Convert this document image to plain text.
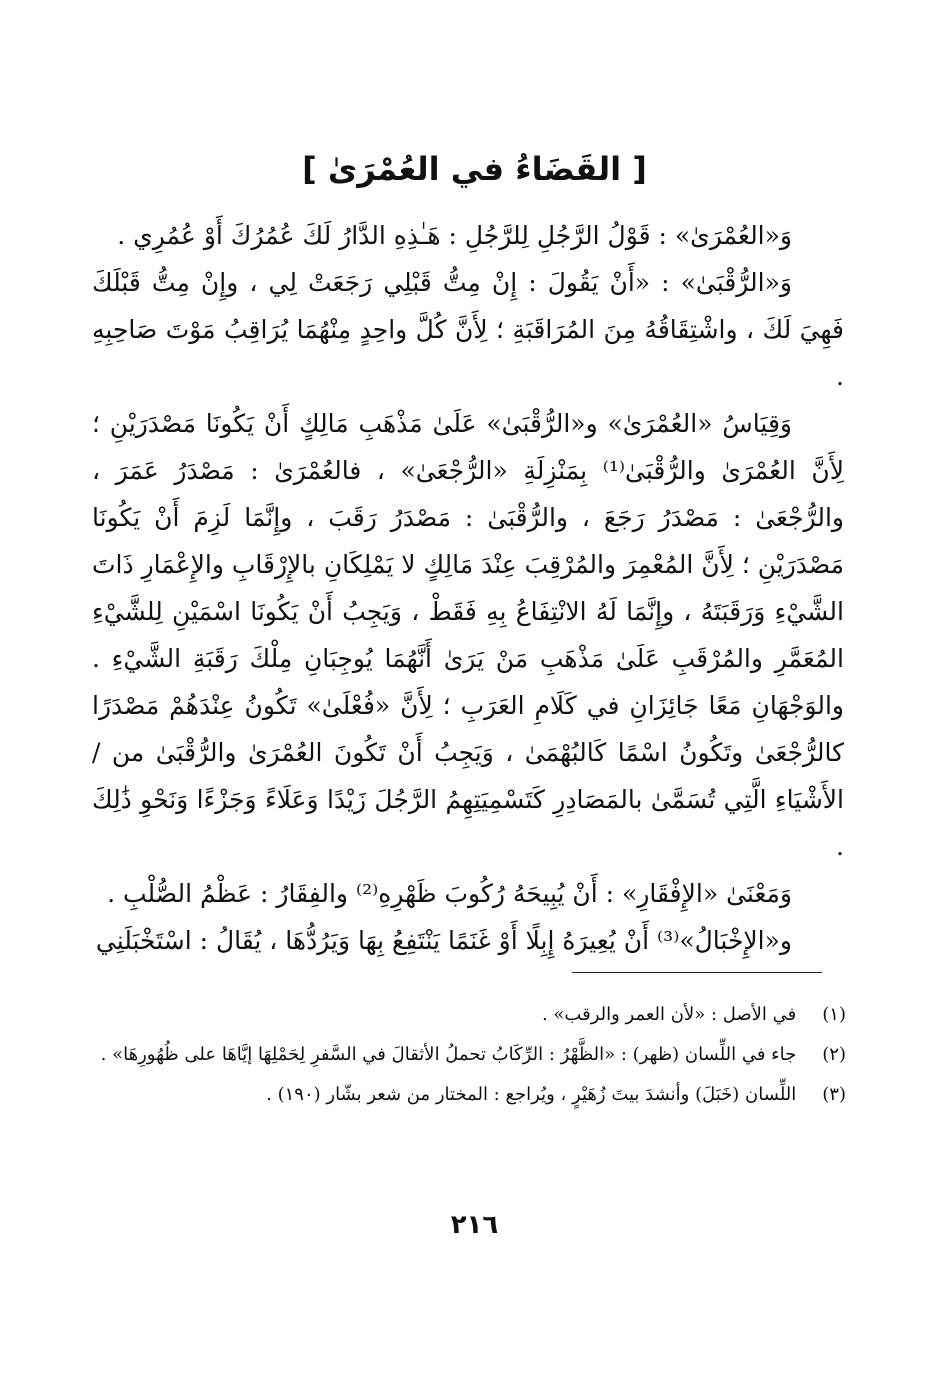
[ القَضَاءُ في العُمْرَىٰ ]

وَ«العُمْرَىٰ» : قَوْلُ الرَّجُلِ لِلرَّجُلِ : هَـٰذِهِ الدَّارُ لَكَ عُمُرُكَ أَوْ عُمُرِي .

وَ«الرُّقْبَىٰ» : «أَنْ يَقُولَ : إِنْ مِتُّ قَبْلِي رَجَعَتْ لِي ، وإِنْ مِتُّ قَبْلَكَ فَهِيَ لَكَ ، واشْتِقَاقُهُ مِنَ المُرَاقَبَةِ ؛ لِأَنَّ كُلَّ واحِدٍ مِنْهُمَا يُرَاقِبُ مَوْتَ صَاحِبِهِ .

وَقِيَاسُ «العُمْرَىٰ» و«الرُّقْبَىٰ» عَلَىٰ مَذْهَبِ مَالِكٍ أَنْ يَكُونَا مَصْدَرَيْنِ ؛ لِأَنَّ العُمْرَىٰ والرُّقْبَىٰ⁽¹⁾ بِمَنْزِلَةِ «الرُّجْعَىٰ» ، فالعُمْرَىٰ : مَصْدَرُ عَمَرَ ، والرُّجْعَىٰ : مَصْدَرُ رَجَعَ ، والرُّقْبَىٰ : مَصْدَرُ رَقَبَ ، وإِنَّمَا لَزِمَ أَنْ يَكُونَا مَصْدَرَيْنِ ؛ لِأَنَّ المُعْمِرَ والمُرْقِبَ عِنْدَ مَالِكٍ لا يَمْلِكَانِ بالإِرْقَابِ والإِعْمَارِ ذَاتَ الشَّيْءِ وَرَقَبَتَهُ ، وإِنَّمَا لَهُ الانْتِفَاعُ بِهِ فَقَطْ ، وَيَجِبُ أَنْ يَكُونَا اسْمَيْنِ لِلشَّيْءِ المُعَمَّرِ والمُرْقَبِ عَلَىٰ مَذْهَبِ مَنْ يَرَىٰ أَنَّهُمَا يُوجِبَانِ مِلْكَ رَقَبَةِ الشَّيْءِ . والوَجْهَانِ مَعًا جَائِزَانِ في كَلَامِ العَرَبِ ؛ لِأَنَّ «فُعْلَىٰ» تَكُونُ عِنْدَهُمْ مَصْدَرًا كالرُّجْعَىٰ وتَكُونُ اسْمًا كَالبُهْمَىٰ ، وَيَجِبُ أَنْ تَكُونَ العُمْرَىٰ والرُّقْبَىٰ من / الأَشْيَاءِ الَّتِي تُسَمَّىٰ بالمَصَادِرِ كَتَسْمِيَتِهِمُ الرَّجُلَ زَيْدًا وَعَلَاءً وَجَزْءًا وَنَحْوِ ذَٰلِكَ .

وَمَعْنَىٰ «الإِفْقَارِ» : أَنْ يُبِيحَهُ رُكُوبَ ظَهْرِهِ⁽²⁾ والفِقَارُ : عَظْمُ الصُّلْبِ .

و«الإِخْبَالُ»⁽³⁾ أَنْ يُعِيرَهُ إِبِلًا أَوْ غَنَمًا يَنْتَفِعُ بِهَا وَيَرُدُّهَا ، يُقَالُ : اسْتَخْبَلَنِي

(١) في الأصل : «لأن العمر والرقب» .
(٢) جاء في اللِّسان (ظهر) : «الظَّهْرُ : الرِّكَابُ تحملُ الأثقالَ في السَّفرِ لِحَمْلِهَا إيَّاهَا على ظُهُورِهَا» .
(٣) اللِّسان (خَبَلَ) وأنشدَ بيتَ زُهَيْرٍ ، ويُراجع : المختار من شعر بشّار (١٩٠) .
٢١٦
